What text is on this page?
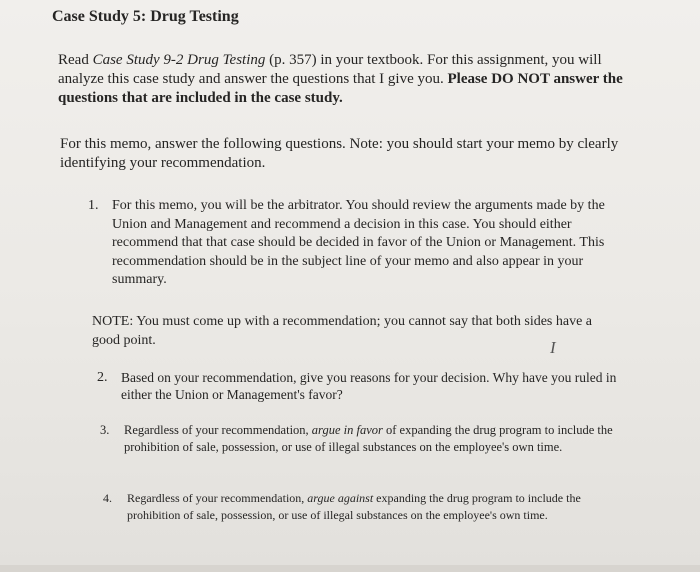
Case Study 5: Drug Testing
Read Case Study 9-2 Drug Testing (p. 357) in your textbook. For this assignment, you will analyze this case study and answer the questions that I give you. Please DO NOT answer the questions that are included in the case study.
For this memo, answer the following questions. Note: you should start your memo by clearly identifying your recommendation.
1. For this memo, you will be the arbitrator. You should review the arguments made by the Union and Management and recommend a decision in this case. You should either recommend that that case should be decided in favor of the Union or Management. This recommendation should be in the subject line of your memo and also appear in your summary.
NOTE: You must come up with a recommendation; you cannot say that both sides have a good point.	I
2. Based on your recommendation, give you reasons for your decision. Why have you ruled in either the Union or Management's favor?
3. Regardless of your recommendation, argue in favor of expanding the drug program to include the prohibition of sale, possession, or use of illegal substances on the employee's own time.
4. Regardless of your recommendation, argue against expanding the drug program to include the prohibition of sale, possession, or use of illegal substances on the employee's own time.
